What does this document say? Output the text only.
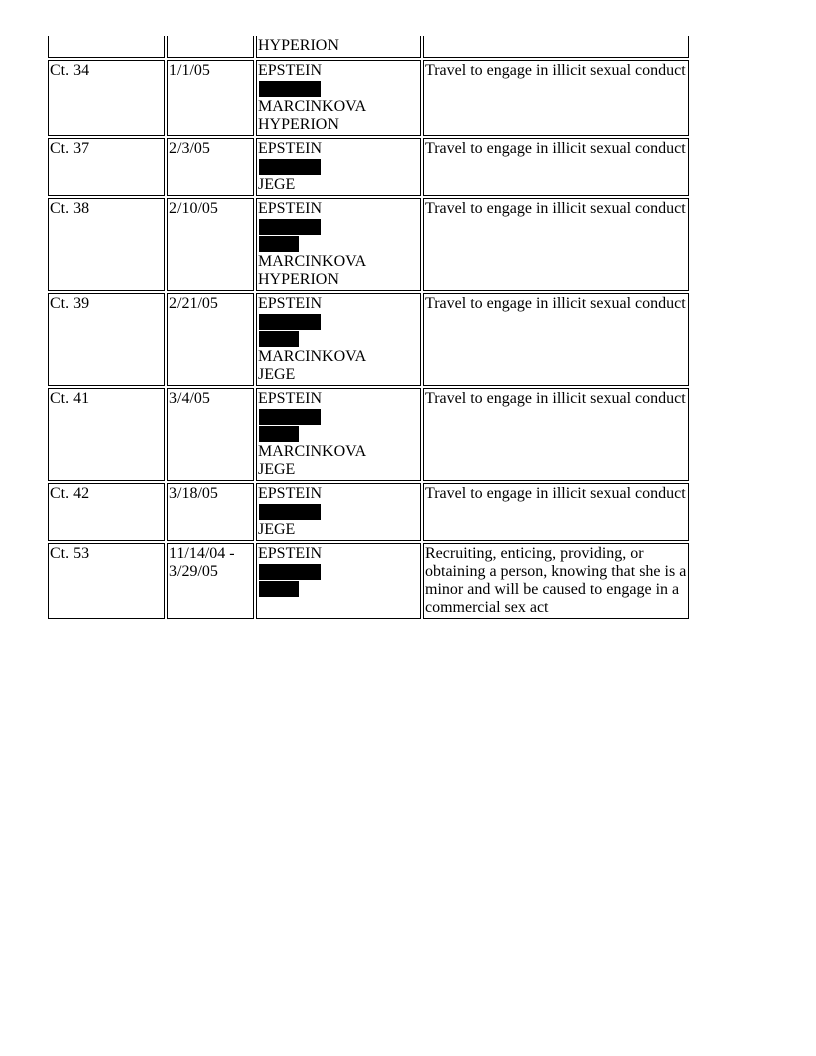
		HYPERION	

Ct. 34	1/1/05	EPSTEIN
MARCINKOVA
HYPERION	Travel to engage in illicit sexual conduct

Ct. 37	2/3/05	EPSTEIN
JEGE	Travel to engage in illicit sexual conduct

Ct. 38	2/10/05	EPSTEIN
MARCINKOVA
HYPERION	Travel to engage in illicit sexual conduct

Ct. 39	2/21/05	EPSTEIN
MARCINKOVA
JEGE	Travel to engage in illicit sexual conduct

Ct. 41	3/4/05	EPSTEIN
MARCINKOVA
JEGE	Travel to engage in illicit sexual conduct

Ct. 42	3/18/05	EPSTEIN
JEGE	Travel to engage in illicit sexual conduct

Ct. 53	11/14/04 - 3/29/05	EPSTEIN	Recruiting, enticing, providing, or obtaining a person, knowing that she is a minor and will be caused to engage in a commercial sex act
